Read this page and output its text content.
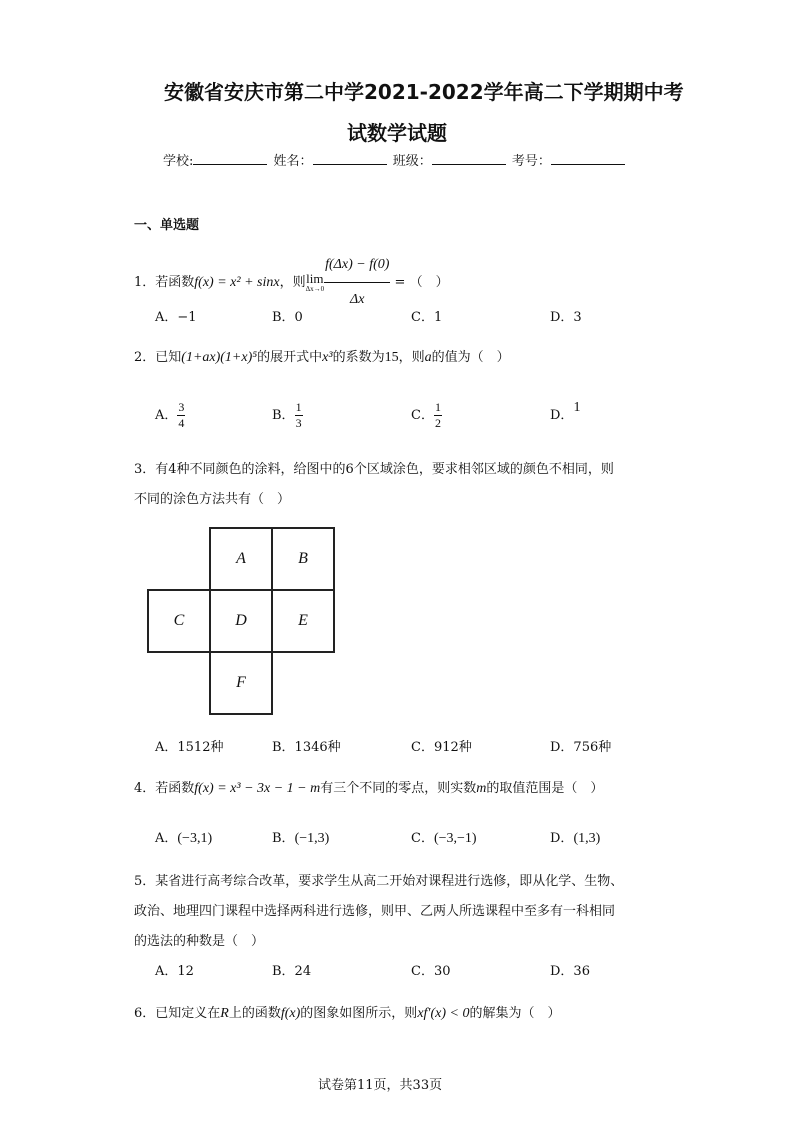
安徽省安庆市第二中学2021-2022学年高二下学期期中考
试数学试题
学校:	姓名：	班级：	考号：
一、单选题
1．若函数f(x) = x² + sinx，则 lim
$\Delta x\to 0 \frac{f(\Delta x) - f(0)}{\Delta x}$ = （　）
A．−1	B．0	C．1	D．3
2．已知(1+ax)(1+x)⁵的展开式中x³的系数为15，则a的值为（　）
A． $\frac{3}{4}$	B． $\frac{1}{3}$	C． $\frac{1}{2}$	D．1
3．有4种不同颜色的涂料，给图中的6个区域涂色，要求相邻区域的颜色不相同，则
不同的涂色方法共有（　）
A	B
C	D	E
F
A．1512种	B．1346种	C．912种	D．756种
4．若函数f(x) = x³ − 3x − 1 − m有三个不同的零点，则实数m的取值范围是（　）
A．(−3,1)	B．(−1,3)	C．(−3,−1)	D．(1,3)
5．某省进行高考综合改革，要求学生从高二开始对课程进行选修，即从化学、生物、
政治、地理四门课程中选择两科进行选修，则甲、乙两人所选课程中至多有一科相同
的选法的种数是（　）
A．12	B．24	C．30	D．36
6．已知定义在R上的函数f(x)的图象如图所示，则xf′(x) < 0的解集为（　）
试卷第11页，共33页
